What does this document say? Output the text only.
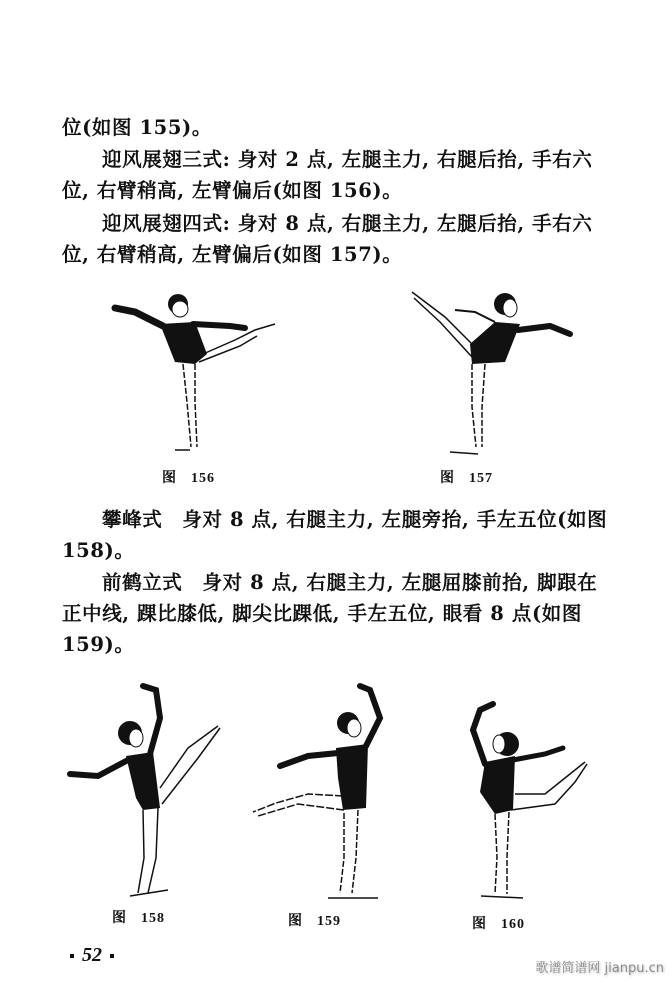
位(如图 155)。

迎风展翅三式: 身对 2 点, 左腿主力, 右腿后抬, 手右六位, 右臂稍高, 左臂偏后(如图 156)。

迎风展翅四式: 身对 8 点, 右腿主力, 左腿后抬, 手右六位, 右臂稍高, 左臂偏后(如图 157)。

图 156	图 157

攀峰式　身对 8 点, 右腿主力, 左腿旁抬, 手左五位(如图 158)。

前鹤立式　身对 8 点, 右腿主力, 左腿屈膝前抬, 脚跟在正中线, 踝比膝低, 脚尖比踝低, 手左五位, 眼看 8 点(如图 159)。

图 158	图 159	图 160
52
歌谱简谱网 jianpu.cn
